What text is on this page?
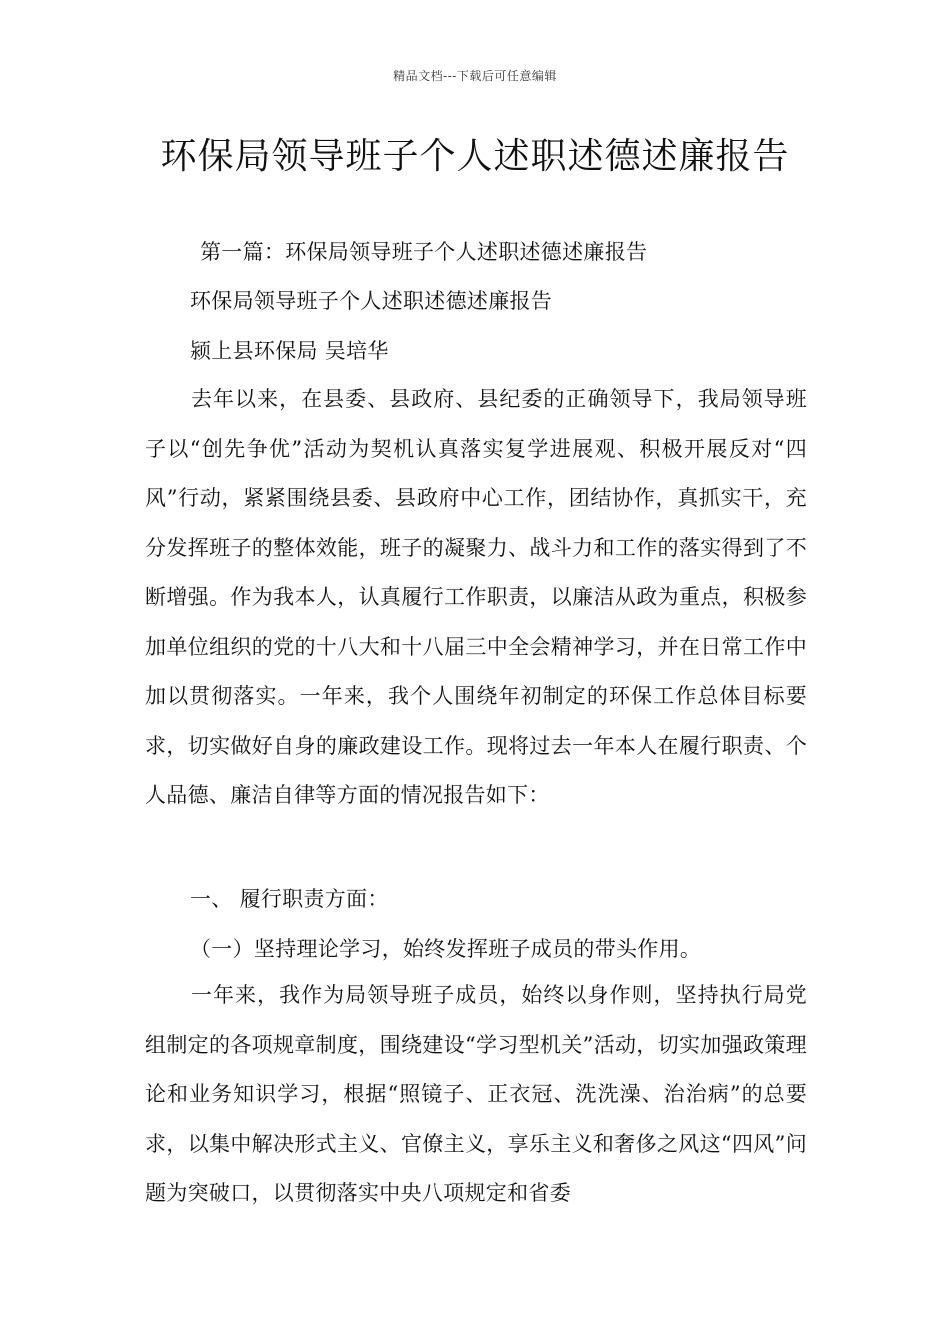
精品文档---下载后可任意编辑
环保局领导班子个人述职述德述廉报告
第一篇：环保局领导班子个人述职述德述廉报告
环保局领导班子个人述职述德述廉报告
颍上县环保局 吴培华

去年以来，在县委、县政府、县纪委的正确领导下，我局领导班子以“创先争优”活动为契机认真落实复学进展观、积极开展反对“四风”行动，紧紧围绕县委、县政府中心工作，团结协作，真抓实干，充分发挥班子的整体效能，班子的凝聚力、战斗力和工作的落实得到了不断增强。作为我本人，认真履行工作职责，以廉洁从政为重点，积极参加单位组织的党的十八大和十八届三中全会精神学习，并在日常工作中加以贯彻落实。一年来，我个人围绕年初制定的环保工作总体目标要求，切实做好自身的廉政建设工作。现将过去一年本人在履行职责、个人品德、廉洁自律等方面的情况报告如下：

一、 履行职责方面：
（一）坚持理论学习，始终发挥班子成员的带头作用。

一年来，我作为局领导班子成员，始终以身作则，坚持执行局党组制定的各项规章制度，围绕建设“学习型机关”活动，切实加强政策理论和业务知识学习，根据“照镜子、正衣冠、洗洗澡、治治病”的总要求，以集中解决形式主义、官僚主义，享乐主义和奢侈之风这“四风”问题为突破口，以贯彻落实中央八项规定和省委
